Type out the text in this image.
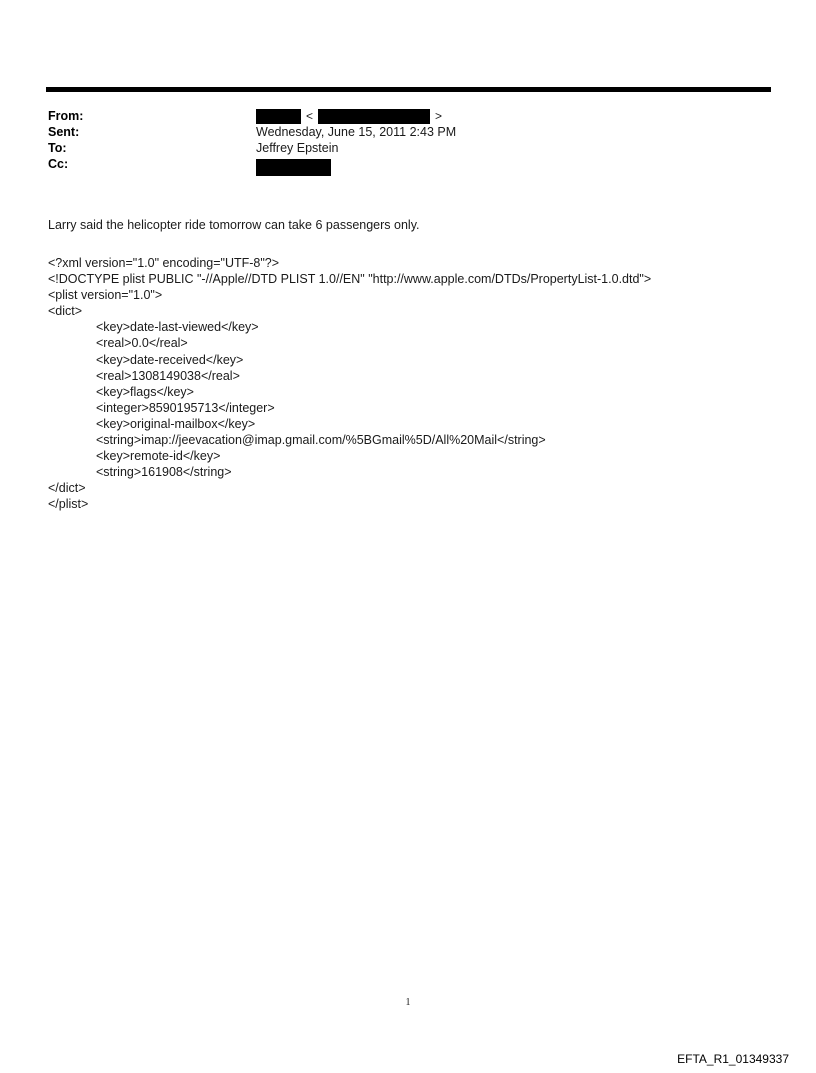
From:	<	>
Sent:	Wednesday, June 15, 2011 2:43 PM
To:	Jeffrey Epstein
Cc:
Larry said the helicopter ride tomorrow can take 6 passengers only.
<?xml version="1.0" encoding="UTF-8"?>
<!DOCTYPE plist PUBLIC "-//Apple//DTD PLIST 1.0//EN" "http://www.apple.com/DTDs/PropertyList-1.0.dtd">
<plist version="1.0">
<dict>
<key>date-last-viewed</key>
<real>0.0</real>
<key>date-received</key>
<real>1308149038</real>
<key>flags</key>
<integer>8590195713</integer>
<key>original-mailbox</key>
<string>imap://jeevacation@imap.gmail.com/%5BGmail%5D/All%20Mail</string>
<key>remote-id</key>
<string>161908</string>
</dict>
</plist>
1
EFTA_R1_01349337
